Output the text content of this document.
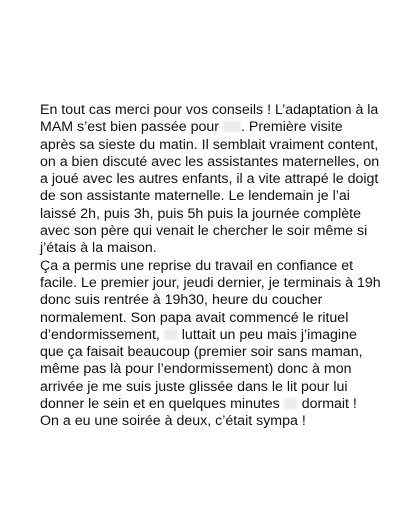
En tout cas merci pour vos conseils ! L’adaptation à la
MAM s’est bien passée pour . Première visite
après sa sieste du matin. Il semblait vraiment content,
on a bien discuté avec les assistantes maternelles, on
a joué avec les autres enfants, il a vite attrapé le doigt
de son assistante maternelle. Le lendemain je l’ai
laissé 2h, puis 3h, puis 5h puis la journée complète
avec son père qui venait le chercher le soir même si
j’étais à la maison.
Ça a permis une reprise du travail en confiance et
facile. Le premier jour, jeudi dernier, je terminais à 19h
donc suis rentrée à 19h30, heure du coucher
normalement. Son papa avait commencé le rituel
d’endormissement, luttait un peu mais j’imagine
que ça faisait beaucoup (premier soir sans maman,
même pas là pour l’endormissement) donc à mon
arrivée je me suis juste glissée dans le lit pour lui
donner le sein et en quelques minutes dormait !
On a eu une soirée à deux, c’était sympa !
